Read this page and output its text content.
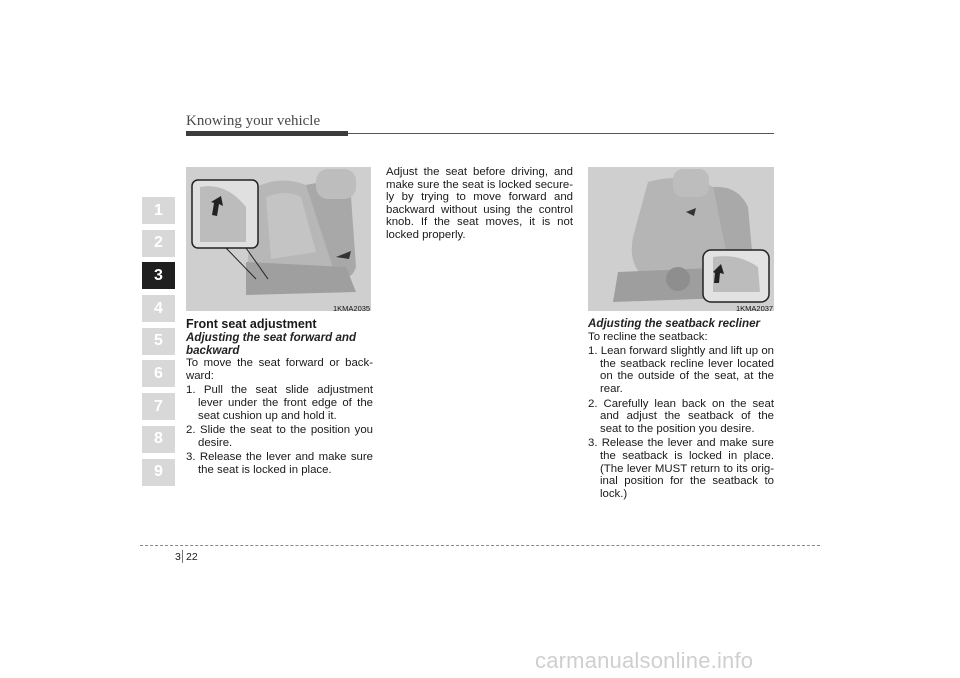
Knowing your vehicle
1
2
3
4
5
6
7
8
9
1KMA2035	1KMA2037
Front seat adjustment
Adjusting the seat forward and backward

To move the seat forward or back-ward:

1. Pull the seat slide adjustment lever under the front edge of the seat cushion up and hold it.
2. Slide the seat to the position you desire.
3. Release the lever and make sure the seat is locked in place.

Adjust the seat before driving, and make sure the seat is locked secure-ly by trying to move forward and backward without using the control knob. If the seat moves, it is not locked properly.

Adjusting the seatback recliner

To recline the seatback:

1. Lean forward slightly and lift up on the seatback recline lever located on the outside of the seat, at the rear.
2. Carefully lean back on the seat and adjust the seatback of the seat to the position you desire.
3. Release the lever and make sure the seatback is locked in place. (The lever MUST return to its orig-inal position for the seatback to lock.)
3 22
carmanualsonline.info
